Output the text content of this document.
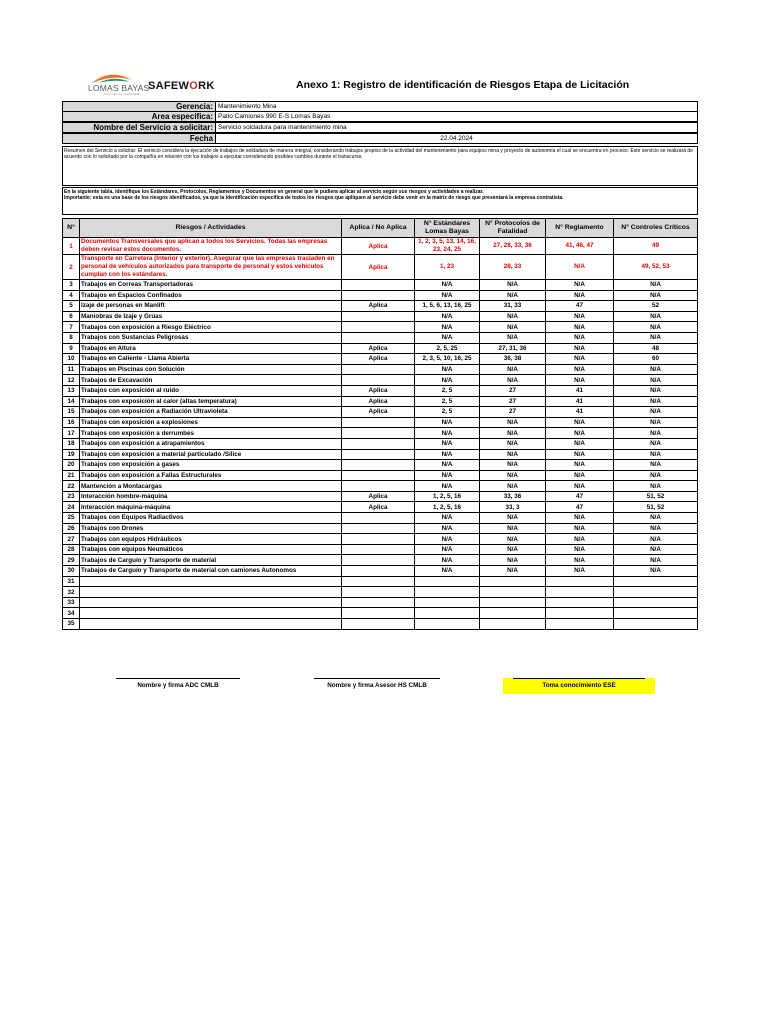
LOMAS BAYAS
Una empresa GLENCORE
SAFEWORK	Anexo 1: Registro de identificación de Riesgos Etapa de Licitación
Gerencia: Mantenimiento Mina
Area especifica: Patio Camiones 990 E-S Lomas Bayas
Nombre del Servicio a solicitar: Servicio soldadura para mantenimiento mina
Fecha	22.04.2024
Resumen del Servicio a solicitar: El servicio considera la ejecución de trabajos de soldadura de manera integral, considerando trabajos propios de la actividad del mantenimiento para equipos mina y proyecto de autonomía el cual se encuentra en proceso. Este servicio se realizará de acuerdo con lo solicitado por la compañía en relación con los trabajos a ejecutar considerando posibles cambios durante el transcurso.
En la siguiente tabla, identifique los Estándares, Protocolos, Reglamentos y Documentos en general que le pudiera aplicar al servicio según sus riesgos y actividades a realizar.
Importante: esta es una base de los riesgos identificados, ya que la identificación específica de todos los riesgos que apliquen al servicio debe venir en la matriz de riesgo que presentará la empresa contratista.
N°	Riesgos / Actividades	Aplica / No Aplica	N° Estándares Lomas Bayas	N° Protocolos de Fatalidad	N° Reglamento	N° Controles Críticos
1	Documentos Transversales que aplican a todos los Servicios. Todas las empresas deben revisar estos documentos.	Aplica	1, 2, 3, 5, 13, 14, 16, 23, 24, 25	27, 28, 33, 36	41, 46, 47	49
2	Transporte en Carretera (Interior y exterior). Asegurar que las empresas trasladen en personal de vehículos autorizados para transporte de personal y estos vehículos cumplan con los estándares.	Aplica	1, 23	28, 33	N/A	49, 52, 53
3	Trabajos en Correas Transportadoras		N/A	N/A	N/A	N/A
4	Trabajos en Espacios Confinados		N/A	N/A	N/A	N/A
5	Izaje de personas en Manlift	Aplica	1, 5, 6, 13, 16, 25	31, 33	47	52
6	Maniobras de Izaje y Grúas		N/A	N/A	N/A	N/A
7	Trabajos con exposición a Riesgo Eléctrico		N/A	N/A	N/A	N/A
8	Trabajos con Sustancias Peligrosas		N/A	N/A	N/A	N/A
9	Trabajos en Altura	Aplica	2, 5, 25	27, 31, 36	N/A	48
10	Trabajos en Caliente - Llama Abierta	Aplica	2, 3, 5, 10, 16, 25	36, 38	N/A	60
11	Trabajos en Piscinas con Solución		N/A	N/A	N/A	N/A
12	Trabajos de Excavación		N/A	N/A	N/A	N/A
13	Trabajos con exposición al ruido	Aplica	2, 5	27	41	N/A
14	Trabajos con exposición al calor (altas temperatura)	Aplica	2, 5	27	41	N/A
15	Trabajos con exposición a Radiación Ultravioleta	Aplica	2, 5	27	41	N/A
16	Trabajos con exposición a explosiones		N/A	N/A	N/A	N/A
17	Trabajos con exposición a derrumbes		N/A	N/A	N/A	N/A
18	Trabajos con exposición a atrapamientos		N/A	N/A	N/A	N/A
19	Trabajos con exposición a material particulado /Sílice		N/A	N/A	N/A	N/A
20	Trabajos con exposición a gases		N/A	N/A	N/A	N/A
21	Trabajos con exposición a Fallas Estructurales		N/A	N/A	N/A	N/A
22	Mantención a Montacargas		N/A	N/A	N/A	N/A
23	Interacción hombre-máquina	Aplica	1, 2, 5, 16	33, 36	47	51, 52
24	Interacción máquina-máquina	Aplica	1, 2, 5, 16	33, 3	47	51, 52
25	Trabajos con Equipos Radiactivos		N/A	N/A	N/A	N/A
26	Trabajos con Drones		N/A	N/A	N/A	N/A
27	Trabajos con equipos Hidráulicos		N/A	N/A	N/A	N/A
28	Trabajos con equipos Neumáticos		N/A	N/A	N/A	N/A
29	Trabajos de Carguío y Transporte de material		N/A	N/A	N/A	N/A
30	Trabajos de Carguío y Transporte de material con camiones Autonomos		N/A	N/A	N/A	N/A
31						
32						
33						
34						
35						
Nombre y firma ADC CMLB	Nombre y firma Asesor HS CMLB	Toma conocimiento ESE
